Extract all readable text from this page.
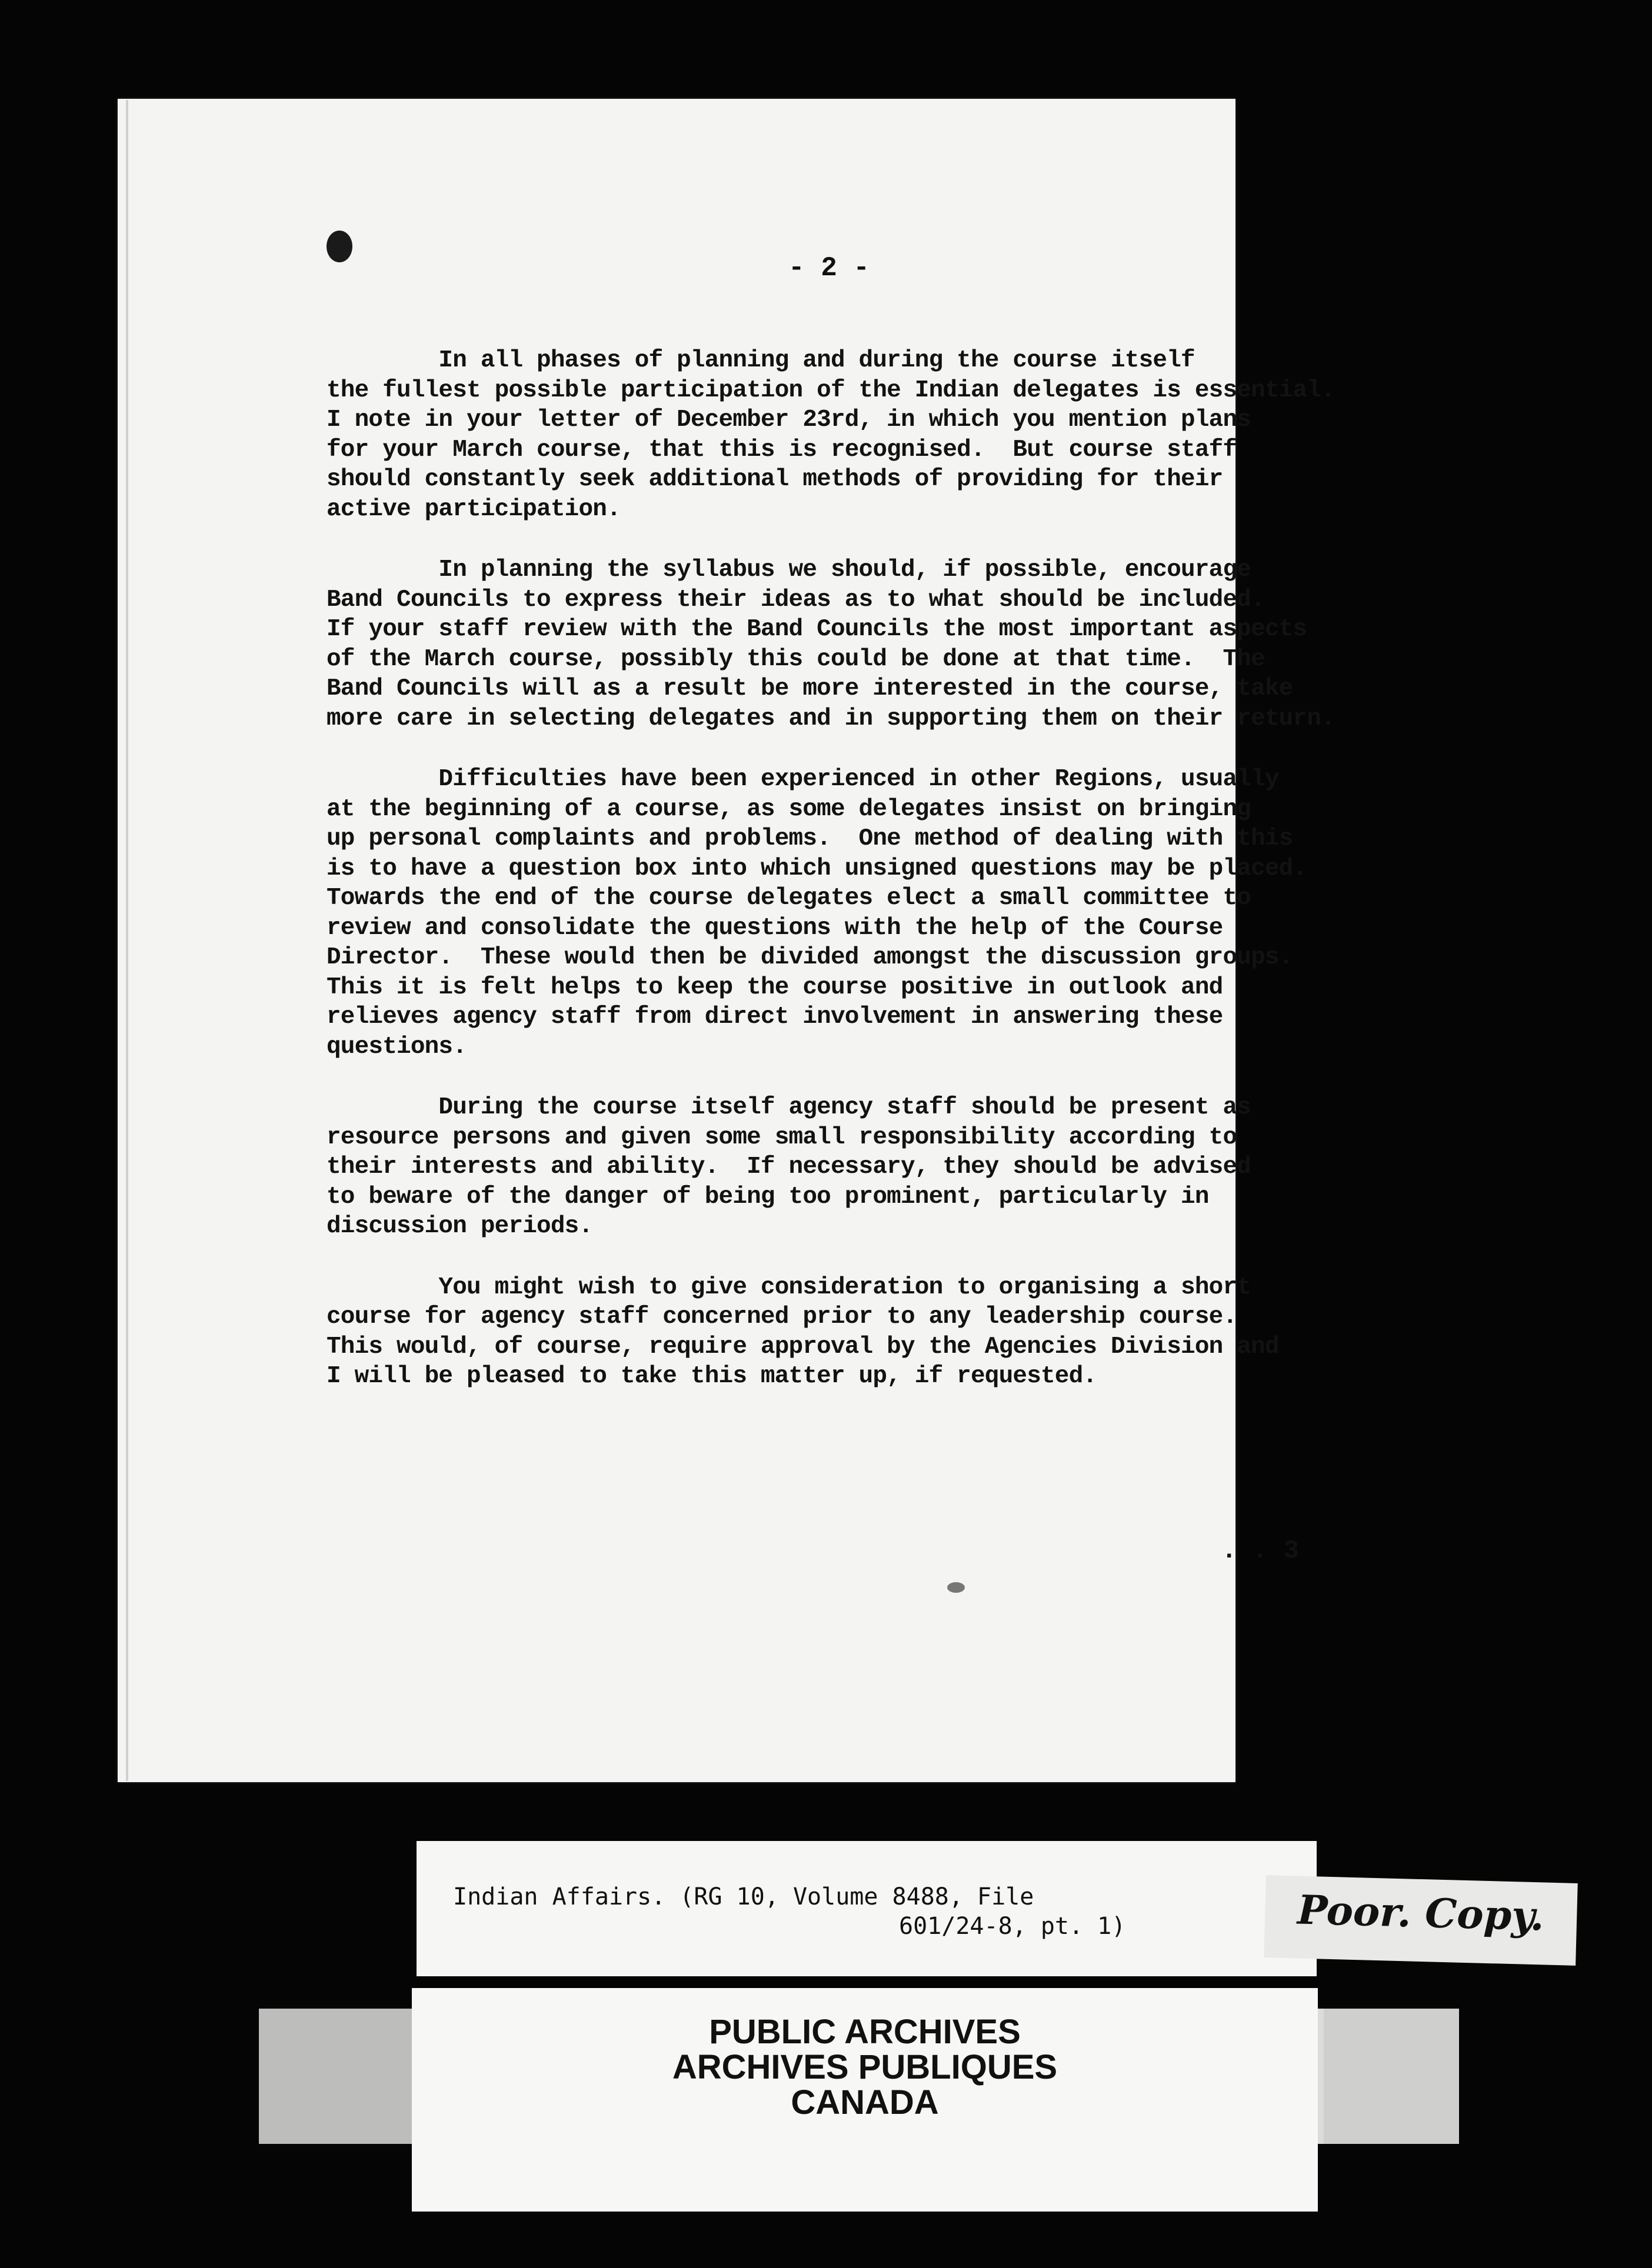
- 2 -
In all phases of planning and during the course itself
the fullest possible participation of the Indian delegates is essential.
I note in your letter of December 23rd, in which you mention plans
for your March course, that this is recognised.  But course staff
should constantly seek additional methods of providing for their
active participation.
In planning the syllabus we should, if possible, encourage
Band Councils to express their ideas as to what should be included.
If your staff review with the Band Councils the most important aspects
of the March course, possibly this could be done at that time.  The
Band Councils will as a result be more interested in the course, take
more care in selecting delegates and in supporting them on their return.
Difficulties have been experienced in other Regions, usually
at the beginning of a course, as some delegates insist on bringing
up personal complaints and problems.  One method of dealing with this
is to have a question box into which unsigned questions may be placed.
Towards the end of the course delegates elect a small committee to
review and consolidate the questions with the help of the Course
Director.  These would then be divided amongst the discussion groups.
This it is felt helps to keep the course positive in outlook and
relieves agency staff from direct involvement in answering these
questions.
During the course itself agency staff should be present as
resource persons and given some small responsibility according to
their interests and ability.  If necessary, they should be advised
to beware of the danger of being too prominent, particularly in
discussion periods.
You might wish to give consideration to organising a short
course for agency staff concerned prior to any leadership course.
This would, of course, require approval by the Agencies Division and
I will be pleased to take this matter up, if requested.
. . 3
Indian Affairs. (RG 10, Volume 8488, File
601/24-8, pt. 1)	Poor. Copy.
PUBLIC ARCHIVES
ARCHIVES PUBLIQUES
CANADA
